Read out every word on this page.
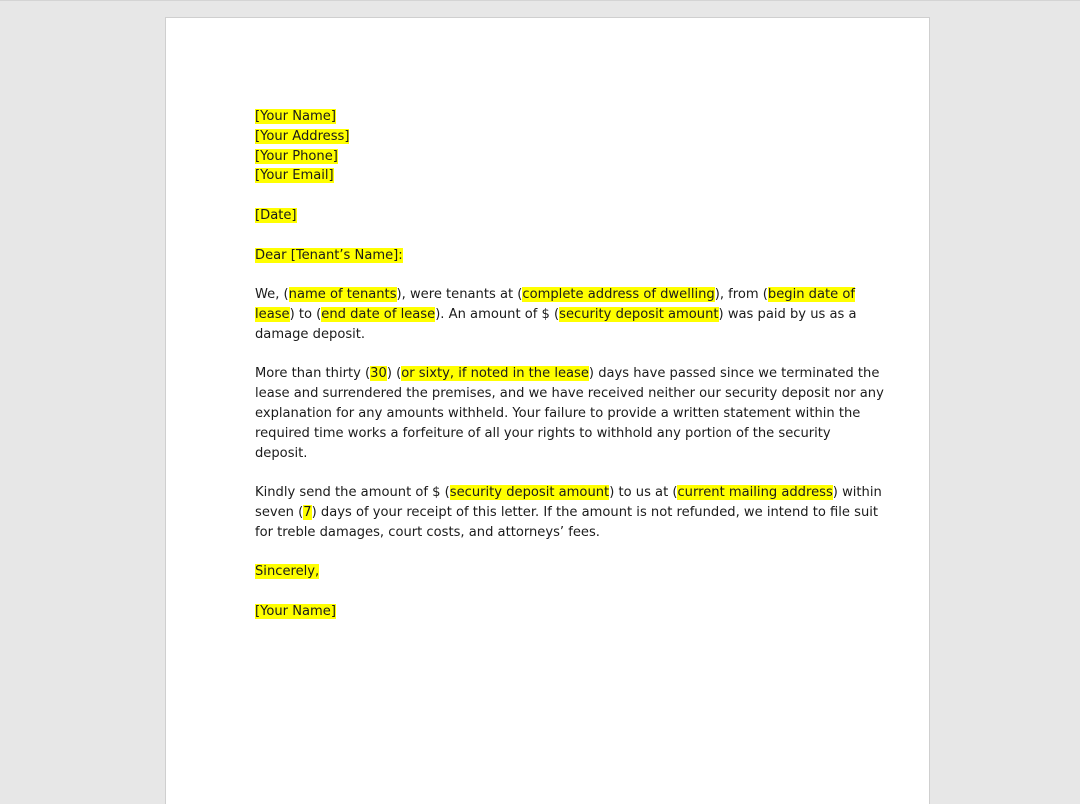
[Your Name]
[Your Address]
[Your Phone]
[Your Email]
[Date]
Dear [Tenant’s Name]:
We, (name of tenants), were tenants at (complete address of dwelling), from (begin date of
lease) to (end date of lease). An amount of $ (security deposit amount) was paid by us as a
damage deposit.
More than thirty (30) (or sixty, if noted in the lease) days have passed since we terminated the
lease and surrendered the premises, and we have received neither our security deposit nor any
explanation for any amounts withheld. Your failure to provide a written statement within the
required time works a forfeiture of all your rights to withhold any portion of the security
deposit.
Kindly send the amount of $ (security deposit amount) to us at (current mailing address) within
seven (7) days of your receipt of this letter. If the amount is not refunded, we intend to file suit
for treble damages, court costs, and attorneys’ fees.
Sincerely,
[Your Name]
